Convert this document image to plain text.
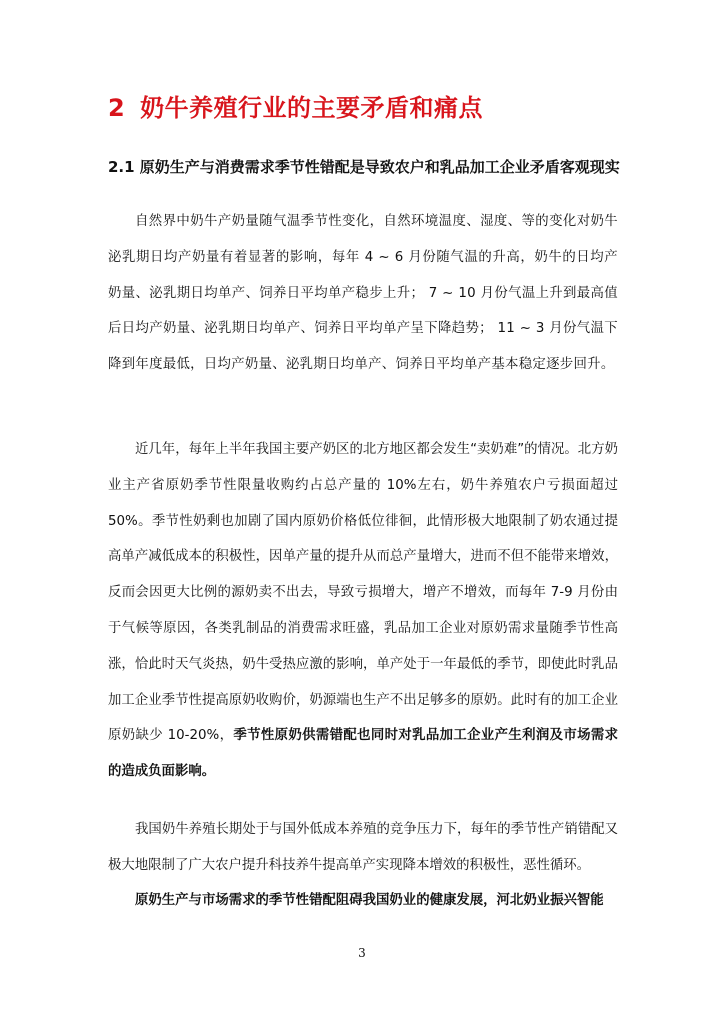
2 奶牛养殖行业的主要矛盾和痛点
2.1 原奶生产与消费需求季节性错配是导致农户和乳品加工企业矛盾客观现实
自然界中奶牛产奶量随气温季节性变化，自然环境温度、湿度、等的变化对奶牛泌乳期日均产奶量有着显著的影响，每年 4 ~ 6 月份随气温的升高，奶牛的日均产奶量、泌乳期日均单产、饲养日平均单产稳步上升； 7 ~ 10 月份气温上升到最高值后日均产奶量、泌乳期日均单产、饲养日平均单产呈下降趋势； 11 ~ 3 月份气温下降到年度最低，日均产奶量、泌乳期日均单产、饲养日平均单产基本稳定逐步回升。
近几年，每年上半年我国主要产奶区的北方地区都会发生“卖奶难”的情况。北方奶业主产省原奶季节性限量收购约占总产量的 10%左右，奶牛养殖农户亏损面超过 50%。季节性奶剩也加剧了国内原奶价格低位徘徊，此情形极大地限制了奶农通过提高单产减低成本的积极性，因单产量的提升从而总产量增大，进而不但不能带来增效，反而会因更大比例的源奶卖不出去，导致亏损增大，增产不增效，而每年 7-9 月份由于气候等原因，各类乳制品的消费需求旺盛，乳品加工企业对原奶需求量随季节性高涨，恰此时天气炎热，奶牛受热应激的影响，单产处于一年最低的季节，即使此时乳品加工企业季节性提高原奶收购价，奶源端也生产不出足够多的原奶。此时有的加工企业原奶缺少 10-20%，季节性原奶供需错配也同时对乳品加工企业产生利润及市场需求的造成负面影响。
我国奶牛养殖长期处于与国外低成本养殖的竞争压力下，每年的季节性产销错配又极大地限制了广大农户提升科技养牛提高单产实现降本增效的积极性，恶性循环。
原奶生产与市场需求的季节性错配阻碍我国奶业的健康发展，河北奶业振兴智能
3
